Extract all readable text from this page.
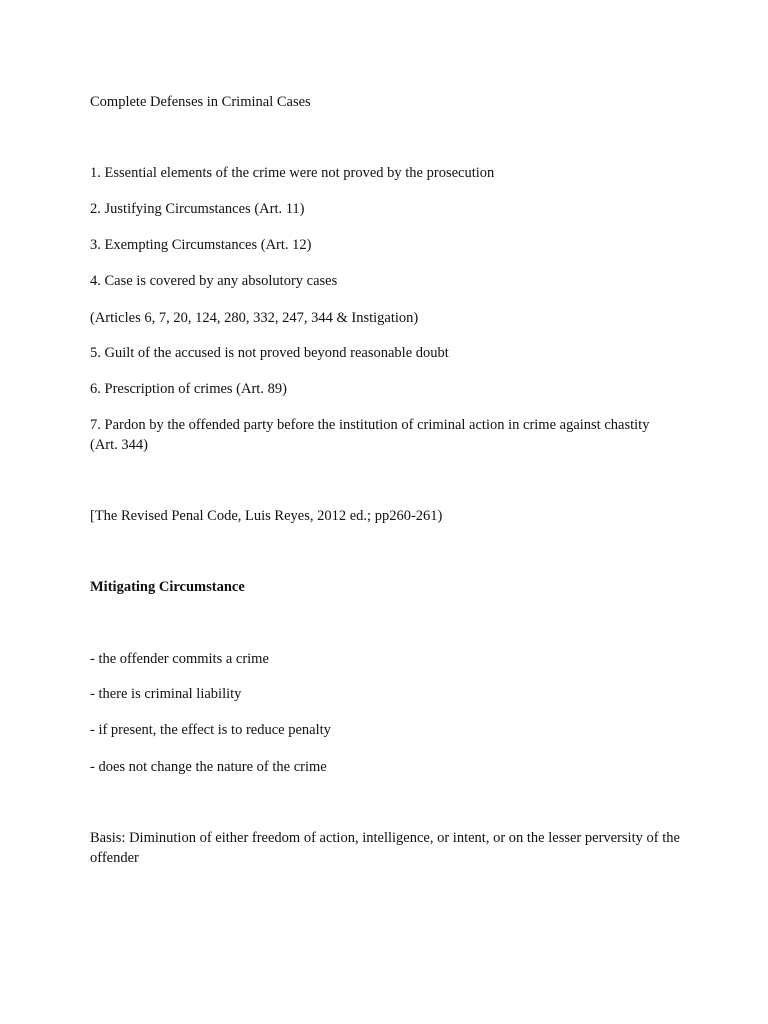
Complete Defenses in Criminal Cases

1. Essential elements of the crime were not proved by the prosecution

2. Justifying Circumstances (Art. 11)

3. Exempting Circumstances (Art. 12)

4. Case is covered by any absolutory cases

(Articles 6, 7, 20, 124, 280, 332, 247, 344 & Instigation)

5. Guilt of the accused is not proved beyond reasonable doubt

6. Prescription of crimes (Art. 89)

7. Pardon by the offended party before the institution of criminal action in crime against chastity (Art. 344)

[The Revised Penal Code, Luis Reyes, 2012 ed.; pp260-261)

Mitigating Circumstance

- the offender commits a crime

- there is criminal liability

- if present, the effect is to reduce penalty

- does not change the nature of the crime

Basis: Diminution of either freedom of action, intelligence, or intent, or on the lesser perversity of the offender
